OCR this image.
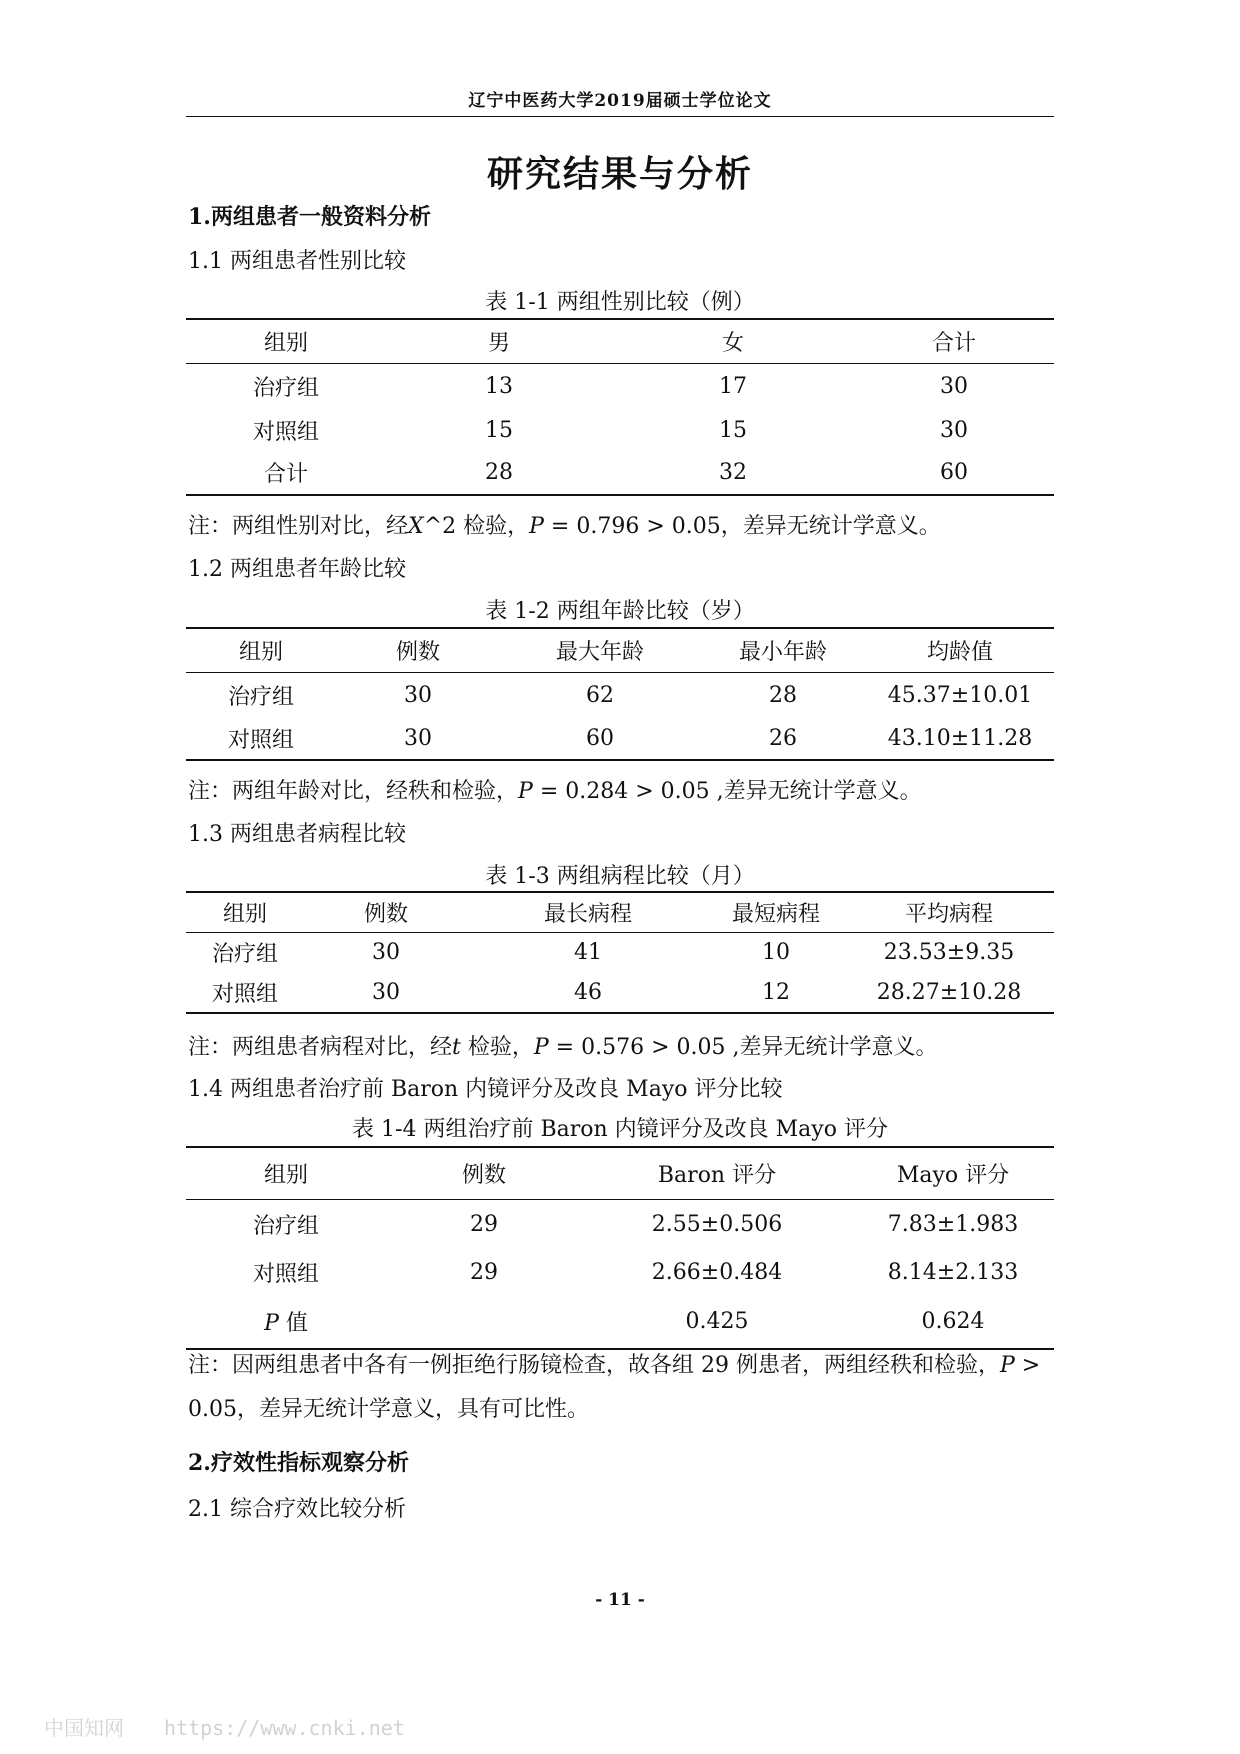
辽宁中医药大学2019届硕士学位论文
研究结果与分析
1.两组患者一般资料分析
1.1 两组患者性别比较
表 1-1 两组性别比较（例）
组别	男	女	合计
治疗组	13	17	30
对照组	15	15	30
合计	28	32	60
注：两组性别对比，经X^2 检验，P = 0.796 > 0.05，差异无统计学意义。
1.2 两组患者年龄比较
表 1-2 两组年龄比较（岁）
组别	例数	最大年龄	最小年龄	均龄值
治疗组	30	62	28	45.37±10.01
对照组	30	60	26	43.10±11.28
注：两组年龄对比，经秩和检验，P = 0.284 > 0.05 ,差异无统计学意义。
1.3 两组患者病程比较
表 1-3 两组病程比较（月）
组别	例数	最长病程	最短病程	平均病程
治疗组	30	41	10	23.53±9.35
对照组	30	46	12	28.27±10.28
注：两组患者病程对比，经t 检验，P = 0.576 > 0.05 ,差异无统计学意义。
1.4 两组患者治疗前 Baron 内镜评分及改良 Mayo 评分比较
表 1-4 两组治疗前 Baron 内镜评分及改良 Mayo 评分
组别	例数	Baron 评分	Mayo 评分
治疗组	29	2.55±0.506	7.83±1.983
对照组	29	2.66±0.484	8.14±2.133
P 值		0.425	0.624
注：因两组患者中各有一例拒绝行肠镜检查，故各组 29 例患者，两组经秩和检验，P > 0.05，差异无统计学意义，具有可比性。
2.疗效性指标观察分析
2.1 综合疗效比较分析
- 11 -
中国知网 https://www.cnki.net
